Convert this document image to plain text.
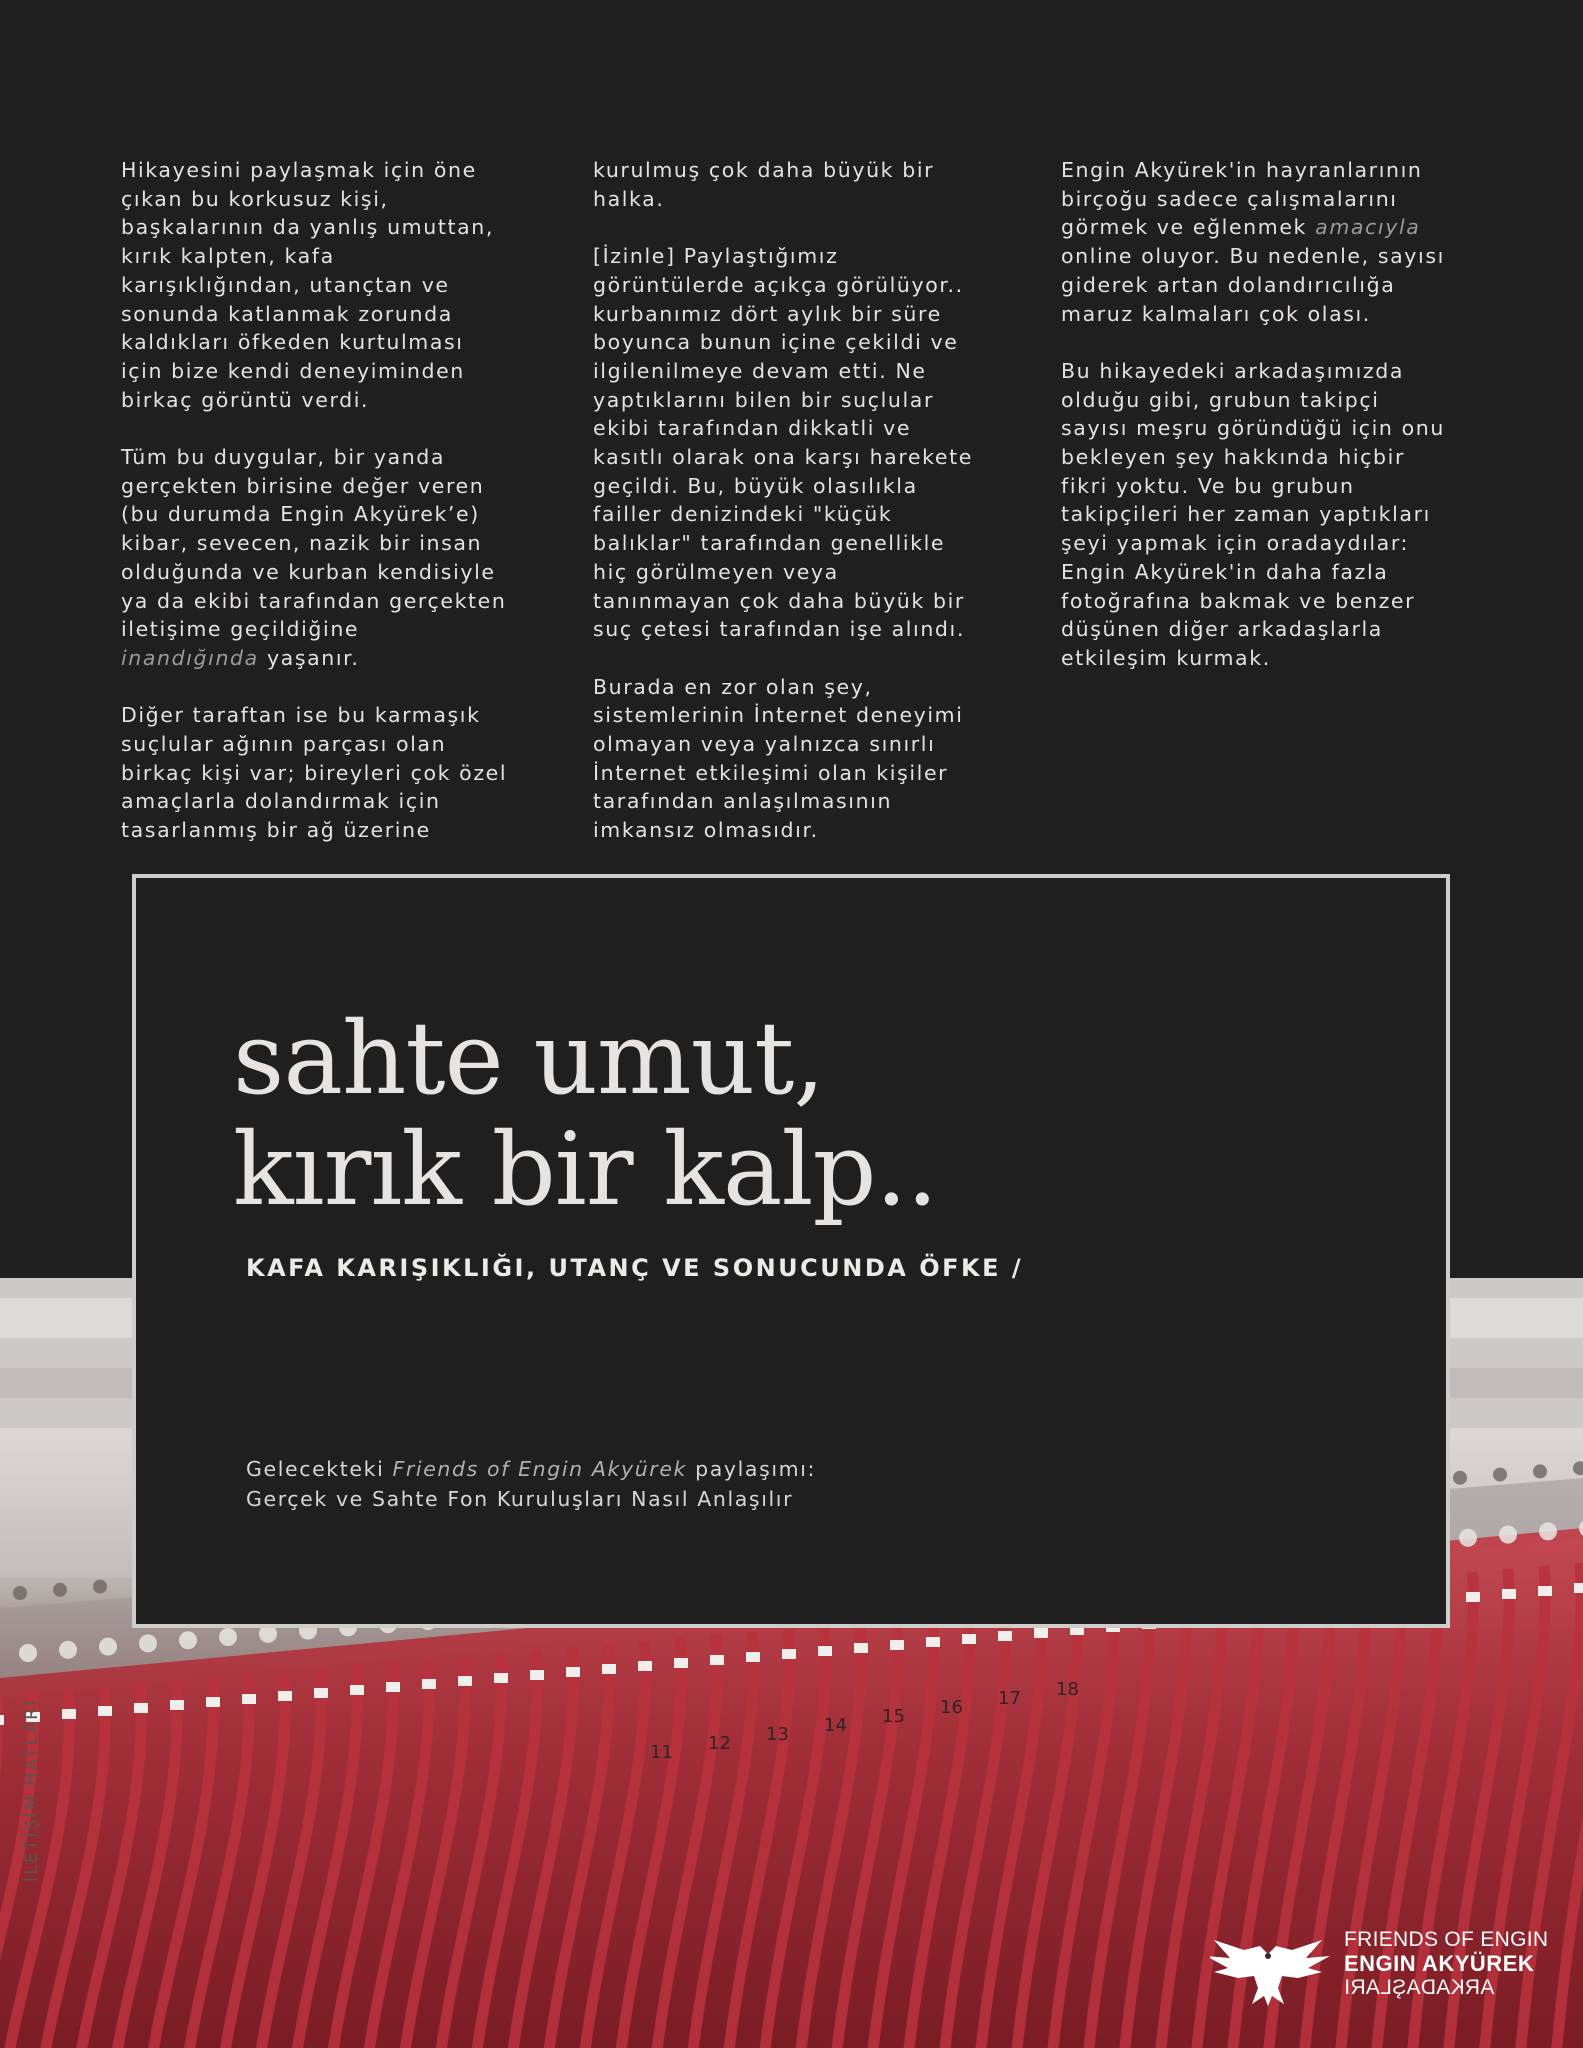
11 12 13 14 15 16 17 18

Hikayesini paylaşmak için öne
çıkan bu korkusuz kişi,
başkalarının da yanlış umuttan,
kırık kalpten, kafa
karışıklığından, utançtan ve
sonunda katlanmak zorunda
kaldıkları öfkeden kurtulması
için bize kendi deneyiminden
birkaç görüntü verdi.

Tüm bu duygular, bir yanda
gerçekten birisine değer veren
(bu durumda Engin Akyürek’e)
kibar, sevecen, nazik bir insan
olduğunda ve kurban kendisiyle
ya da ekibi tarafından gerçekten
iletişime geçildiğine
inandığında yaşanır.

Diğer taraftan ise bu karmaşık
suçlular ağının parçası olan
birkaç kişi var; bireyleri çok özel
amaçlarla dolandırmak için
tasarlanmış bir ağ üzerine

kurulmuş çok daha büyük bir
halka.

[İzinle] Paylaştığımız
görüntülerde açıkça görülüyor..
kurbanımız dört aylık bir süre
boyunca bunun içine çekildi ve
ilgilenilmeye devam etti. Ne
yaptıklarını bilen bir suçlular
ekibi tarafından dikkatli ve
kasıtlı olarak ona karşı harekete
geçildi. Bu, büyük olasılıkla
failler denizindeki "küçük
balıklar" tarafından genellikle
hiç görülmeyen veya
tanınmayan çok daha büyük bir
suç çetesi tarafından işe alındı.

Burada en zor olan şey,
sistemlerinin İnternet deneyimi
olmayan veya yalnızca sınırlı
İnternet etkileşimi olan kişiler
tarafından anlaşılmasının
imkansız olmasıdır.

Engin Akyürek'in hayranlarının
birçoğu sadece çalışmalarını
görmek ve eğlenmek amacıyla
online oluyor. Bu nedenle, sayısı
giderek artan dolandırıcılığa
maruz kalmaları çok olası.

Bu hikayedeki arkadaşımızda
olduğu gibi, grubun takipçi
sayısı meşru göründüğü için onu
bekleyen şey hakkında hiçbir
fikri yoktu. Ve bu grubun
takipçileri her zaman yaptıkları
şeyi yapmak için oradaydılar:
Engin Akyürek'in daha fazla
fotoğrafına bakmak ve benzer
düşünen diğer arkadaşlarla
etkileşim kurmak.

sahte umut,
kırık bir kalp..
KAFA KARIŞIKLIĞI, UTANÇ VE SONUCUNDA ÖFKE /
Gelecekteki Friends of Engin Akyürek paylaşımı:
Gerçek ve Sahte Fon Kuruluşları Nasıl Anlaşılır
İLETİŞİM HATLARI
FRIENDS OF ENGIN
ENGIN AKYÜREK
ARKADAŞLARI
